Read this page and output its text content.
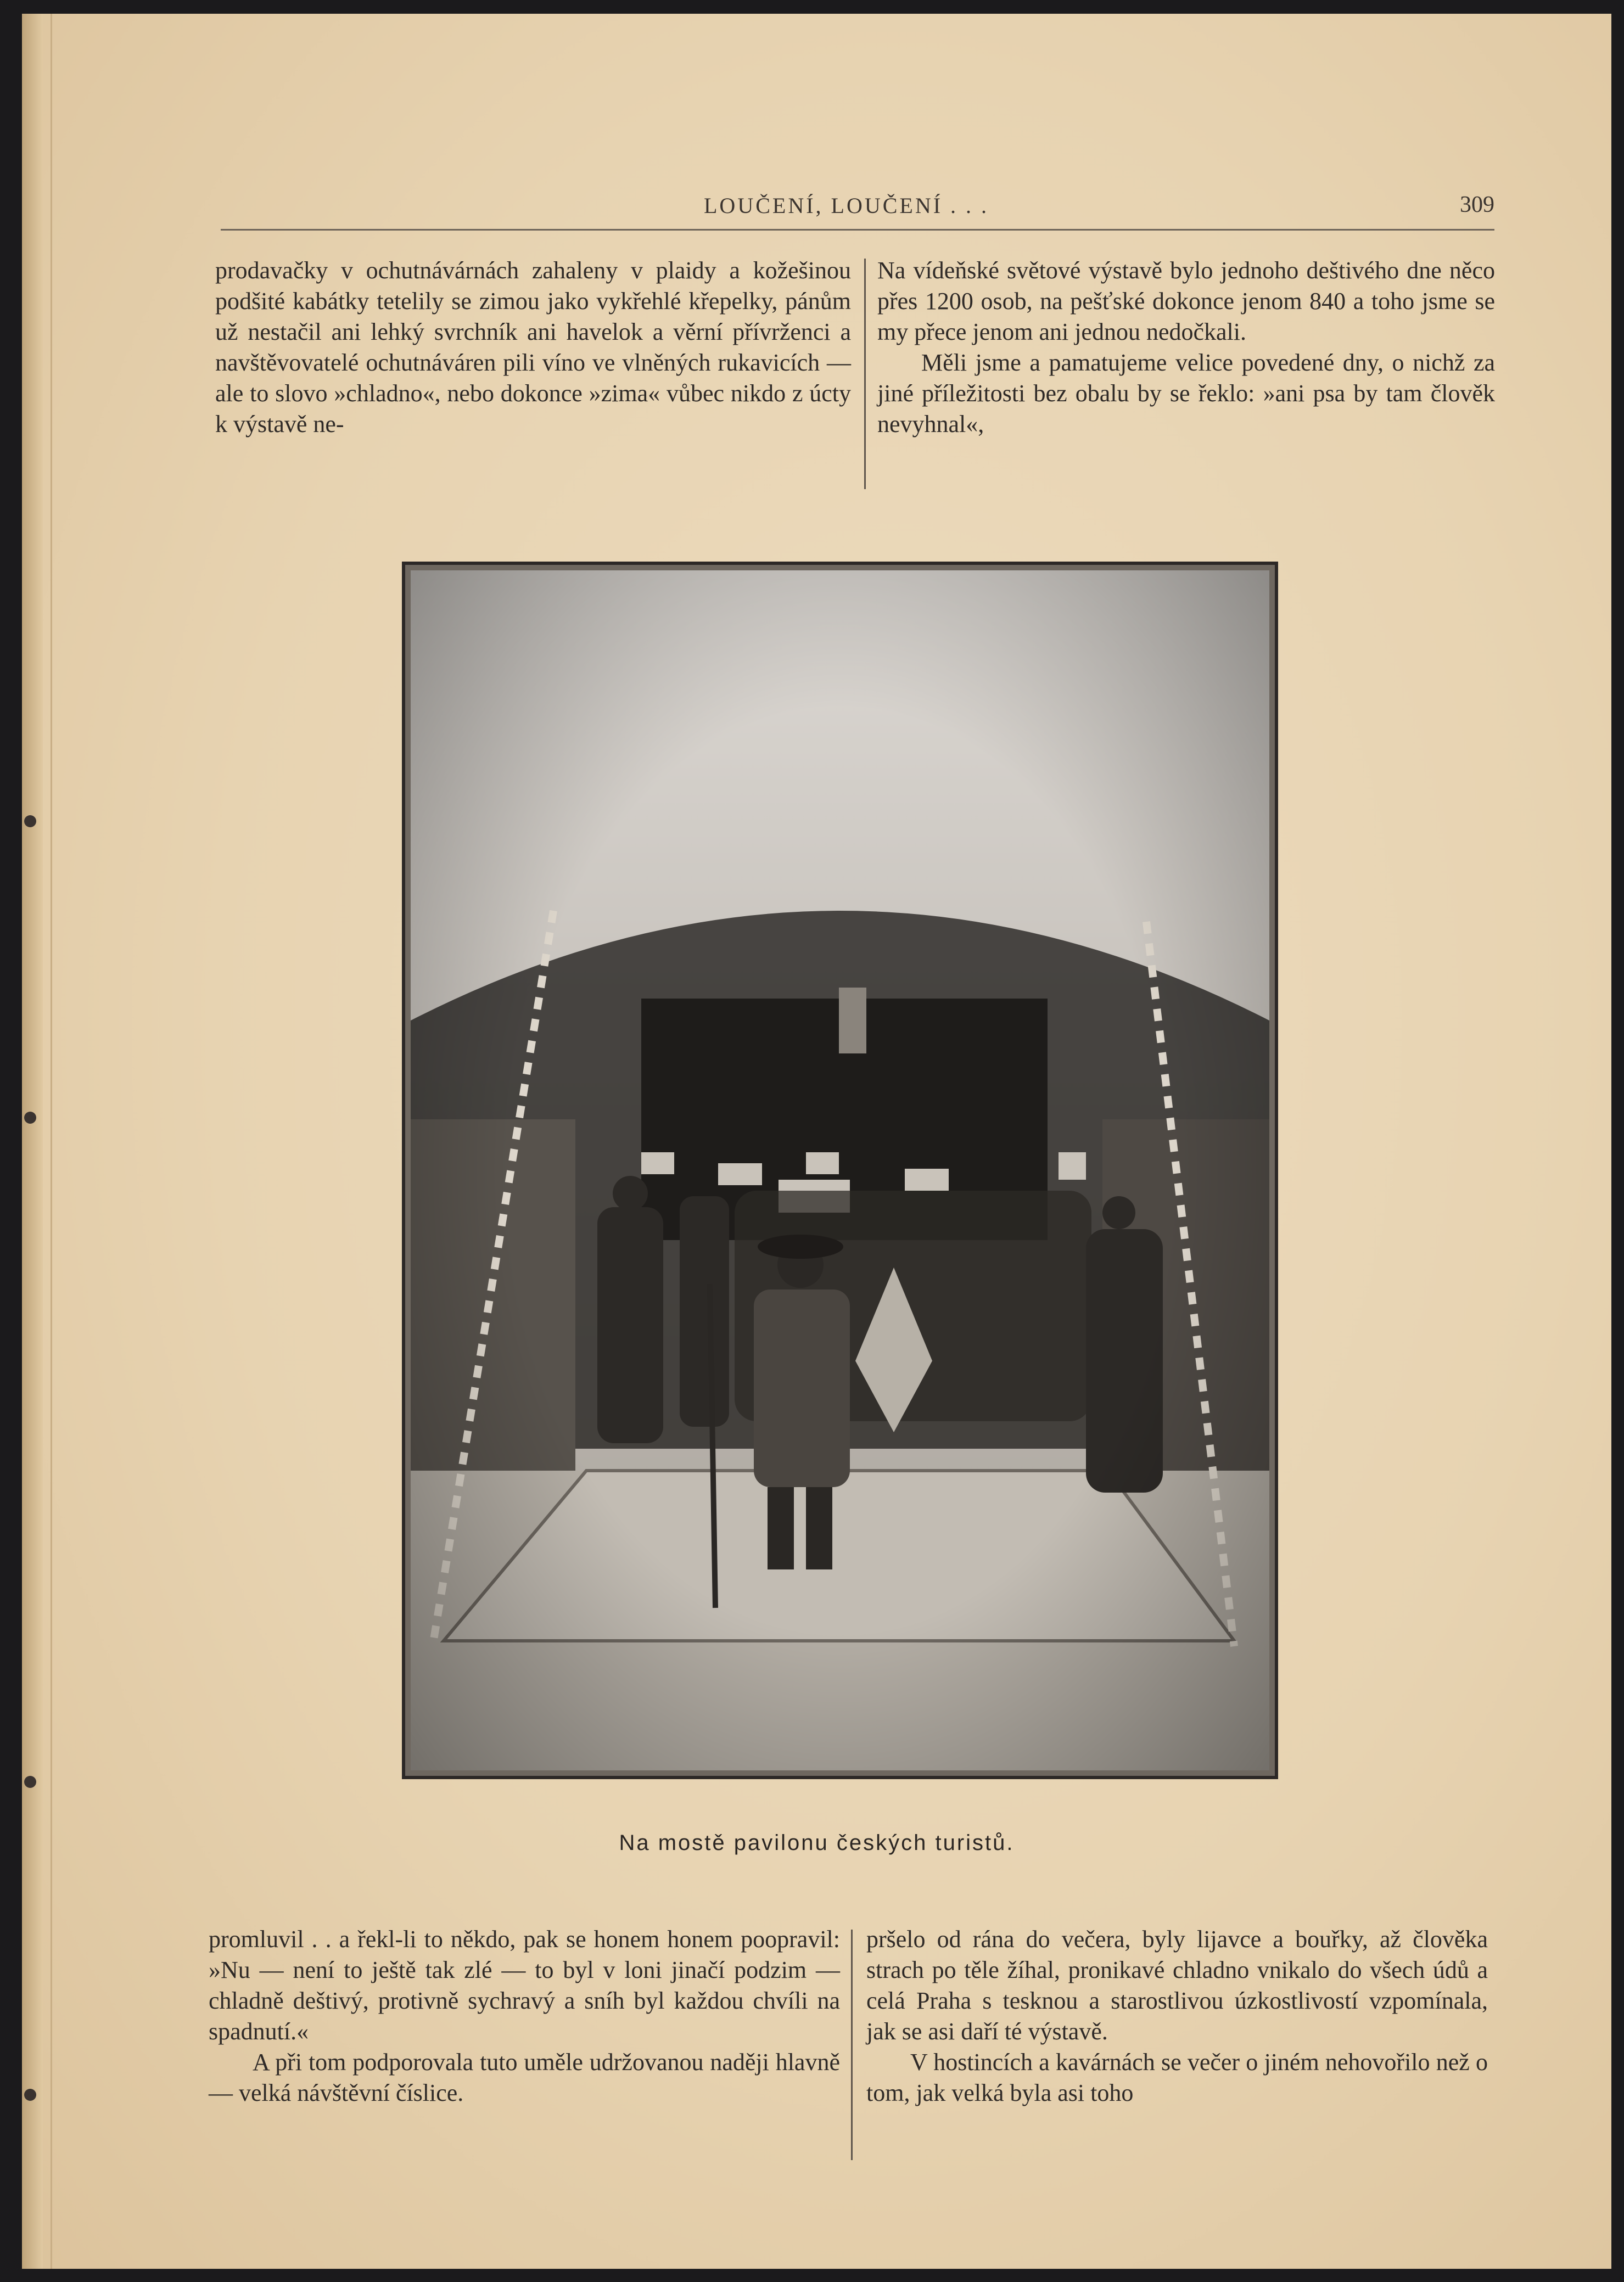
LOUČENÍ, LOUČENÍ . . .	309

prodavačky v ochutnávárnách zahaleny v plaidy a kožešinou podšité kabátky tetelily se zimou jako vykřehlé křepelky, pánům už nestačil ani lehký svrchník ani havelok a věrní přívrženci a navštěvovatelé ochutnáváren pili víno ve vlněných rukavicích — ale to slovo »chladno«, nebo dokonce »zima« vůbec nikdo z úcty k výstavě ne-

Na vídeňské světové výstavě bylo jednoho deštivého dne něco přes 1200 osob, na pešťské dokonce jenom 840 a toho jsme se my přece jenom ani jednou nedočkali.

Měli jsme a pamatujeme velice povedené dny, o nichž za jiné příležitosti bez obalu by se řeklo: »ani psa by tam člověk nevyhnal«,

Na mostě pavilonu českých turistů.

promluvil . . a řekl-li to někdo, pak se honem honem poopravil: »Nu — není to ještě tak zlé — to byl v loni jinačí podzim — chladně deštivý, protivně sychravý a sníh byl každou chvíli na spadnutí.«

A při tom podporovala tuto uměle udržovanou naději hlavně — velká návštěvní číslice.

pršelo od rána do večera, byly lijavce a bouřky, až člověka strach po těle žíhal, pronikavé chladno vnikalo do všech údů a celá Praha s tesknou a starostlivou úzkostlivostí vzpomínala, jak se asi daří té výstavě.

V hostincích a kavárnách se večer o jiném nehovořilo než o tom, jak velká byla asi toho
